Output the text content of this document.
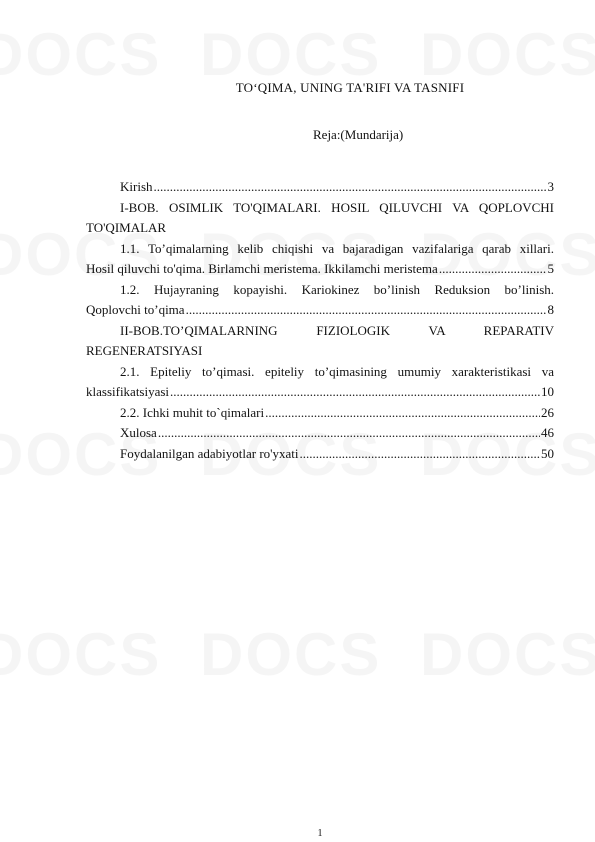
TO‘QIMA, UNING TA'RIFI VA TASNIFI
Reja:(Mundarija)
Kirish .....	3
I-BOB. OSIMLIK TO'QIMALARI. HOSIL QILUVCHI VA QOPLOVCHI
TO'QIMALAR
1.1. To’qimalarning kelib chiqishi va bajaradigan vazifalariga qarab xillari.
Hosil qiluvchi to'qima. Birlamchi meristema. Ikkilamchi meristema .....	5
1.2. Hujayraning kopayishi. Kariokinez bo’linish Reduksion bo’linish.
Qoplovchi to’qima .....	8
II-BOB.TO’QIMALARNING FIZIOLOGIK VA REPARATIV
REGENERATSIYASI
2.1. Epiteliy to’qimasi. epiteliy to’qimasining umumiy xarakteristikasi va
klassifikatsiyasi .....	10
2.2. Ichki muhit to`qimalari .....	26
Xulosa .....	46
Foydalanilgan adabiyotlar ro'yxati .....	50
1
